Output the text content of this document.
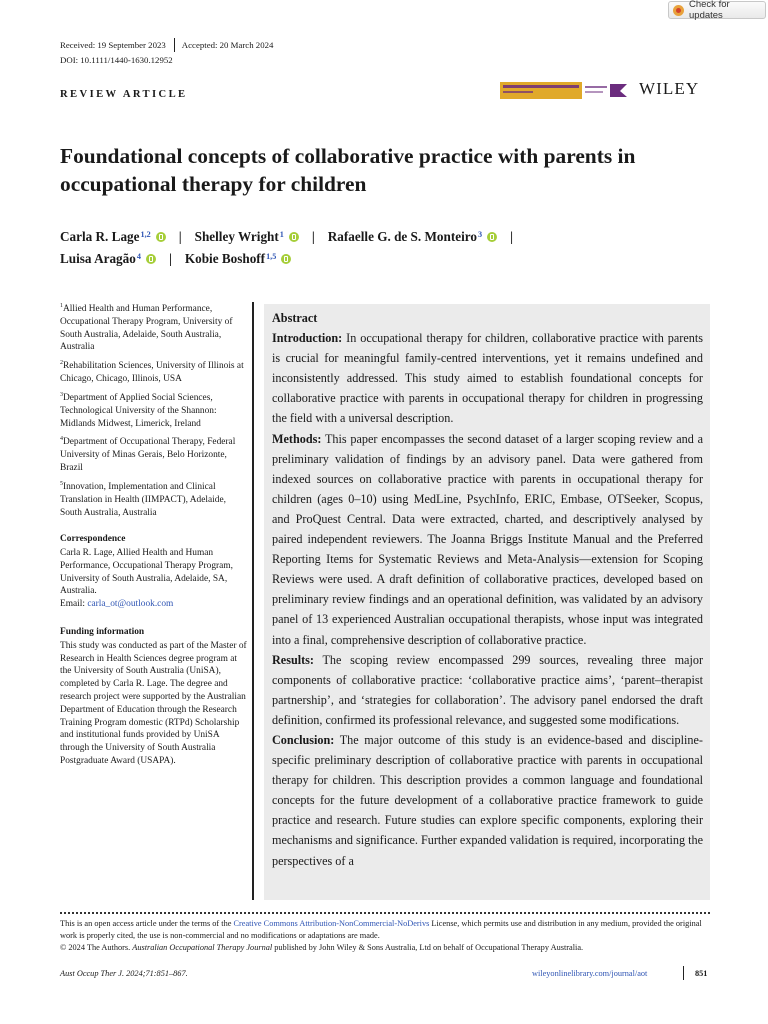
Check for updates
Received: 19 September 2023 Accepted: 20 March 2024
DOI: 10.1111/1440-1630.12952
REVIEW ARTICLE	WILEY
Foundational concepts of collaborative practice with parents in occupational therapy for children
Carla R. Lage$^{1,2}$ | Shelley Wright$^1$ | Rafaelle G. de S. Monteiro$^3$ |
Luisa Aragão$^4$ | Kobie Boshoff$^{1,5}$
$^1$Allied Health and Human Performance, Occupational Therapy Program, University of South Australia, Adelaide, South Australia, Australia
$^2$Rehabilitation Sciences, University of Illinois at Chicago, Chicago, Illinois, USA
$^3$Department of Applied Social Sciences, Technological University of the Shannon: Midlands Midwest, Limerick, Ireland
$^4$Department of Occupational Therapy, Federal University of Minas Gerais, Belo Horizonte, Brazil
$^5$Innovation, Implementation and Clinical Translation in Health (IIMPACT), Adelaide, South Australia, Australia
Correspondence
Carla R. Lage, Allied Health and Human Performance, Occupational Therapy Program, University of South Australia, Adelaide, SA, Australia.
Email: carla_ot@outlook.com
Funding information
This study was conducted as part of the Master of Research in Health Sciences degree program at the University of South Australia (UniSA), completed by Carla R. Lage. The degree and research project were supported by the Australian Department of Education through the Research Training Program domestic (RTPd) Scholarship and institutional funds provided by UniSA through the University of South Australia Postgraduate Award (USAPA).
Abstract
Introduction: In occupational therapy for children, collaborative practice with parents is crucial for meaningful family-centred interventions, yet it remains undefined and inconsistently addressed. This study aimed to establish foundational concepts for collaborative practice with parents in occupational therapy for children in progressing the field with a universal description.
Methods: This paper encompasses the second dataset of a larger scoping review and a preliminary validation of findings by an advisory panel. Data were gathered from indexed sources on collaborative practice with parents in occupational therapy for children (ages 0–10) using MedLine, PsychInfo, ERIC, Embase, OTSeeker, Scopus, and ProQuest Central. Data were extracted, charted, and descriptively analysed by paired independent reviewers. The Joanna Briggs Institute Manual and the Preferred Reporting Items for Systematic Reviews and Meta-Analysis—extension for Scoping Reviews were used. A draft definition of collaborative practices, developed based on preliminary review findings and an operational definition, was validated by an advisory panel of 13 experienced Australian occupational therapists, whose input was integrated into a final, comprehensive description of collaborative practice.
Results: The scoping review encompassed 299 sources, revealing three major components of collaborative practice: ‘collaborative practice aims’, ‘parent–therapist partnership’, and ‘strategies for collaboration’. The advisory panel endorsed the draft definition, confirmed its professional relevance, and suggested some modifications.
Conclusion: The major outcome of this study is an evidence-based and discipline-specific preliminary description of collaborative practice with parents in occupational therapy for children. This description provides a common language and foundational concepts for the future development of a collaborative practice framework to guide practice and research. Future studies can explore specific components, exploring their mechanisms and significance. Further expanded validation is required, incorporating the perspectives of a
This is an open access article under the terms of the Creative Commons Attribution-NonCommercial-NoDerivs License, which permits use and distribution in any medium, provided the original work is properly cited, the use is non-commercial and no modifications or adaptations are made.
© 2024 The Authors. Australian Occupational Therapy Journal published by John Wiley & Sons Australia, Ltd on behalf of Occupational Therapy Australia.
Aust Occup Ther J. 2024;71:851–867.	wileyonlinelibrary.com/journal/aot	851
